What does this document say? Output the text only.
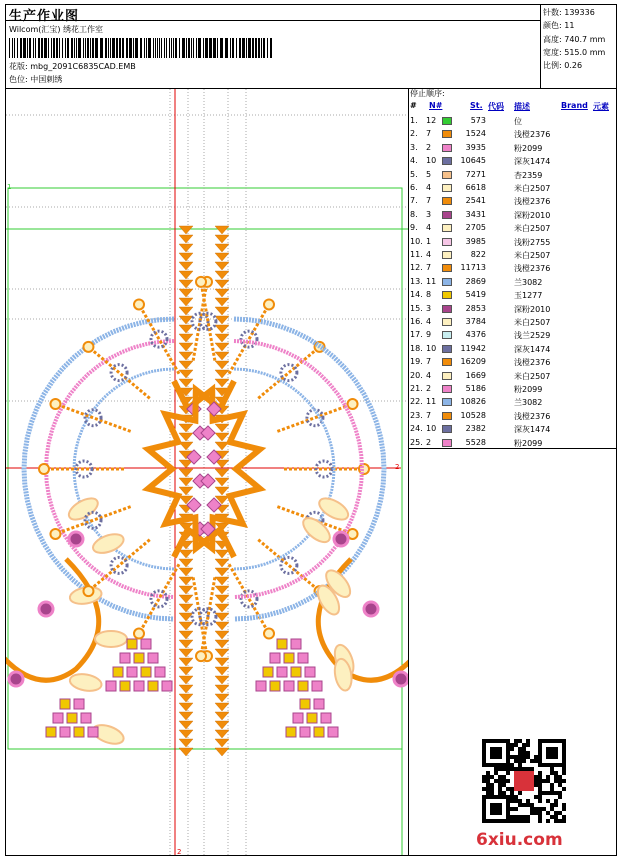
生产作业图
Wilcom(汇宝) 绣花工作室
花版: mbg_2091C6835CAD.EMB
色位: 中国刺绣
针数: 139336
颜色: 11
高度: 740.7 mm
宽度: 515.0 mm
比例: 0.26
停止顺序:
# N#	St. 代码 描述	Brand 元素
1. 12	573	位
2. 7	1524	浅橙2376
3. 2	3935	粉2099
4. 10	10645	深灰1474
5. 5	7271	杏2359
6. 4	6618	米白2507
7. 7	2541	浅橙2376
8. 3	3431	深粉2010
9. 4	2705	米白2507
10. 1	3985	浅粉2755
11. 4	822	米白2507
12. 7	11713	浅橙2376
13. 11	2869	兰3082
14. 8	5419	玉1277
15. 3	2853	深粉2010
16. 4	3784	米白2507
17. 9	4376	浅兰2529
18. 10	11942	深灰1474
19. 7	16209	浅橙2376
20. 4	1669	米白2507
21. 2	5186	粉2099
22. 11	10826	兰3082
23. 7	10528	浅橙2376
24. 10	2382	深灰1474
25. 2	5528	粉2099
1
2
2
6xiu.com
